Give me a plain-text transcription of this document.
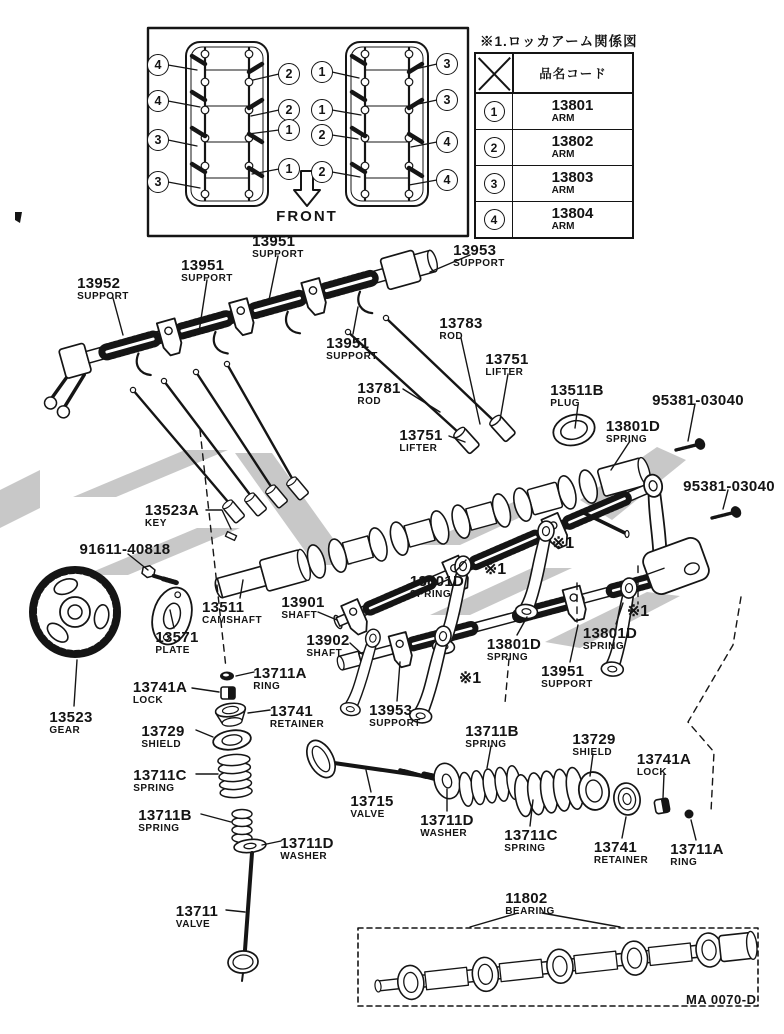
FRONT
※1.ロッカアーム関係図
品名コード
1	13801
ARM
2	13802
ARM
3	13803
ARM
4	13804
ARM
MA 0070-D
13952
SUPPORT
13951
SUPPORT
13951
SUPPORT	13953
SUPPORT
13951
SUPPORT
13783
ROD
13751
LIFTER
13781
ROD
13751
LIFTER
13511B
PLUG	95381-03040
13801D
SPRING
95381-03040
13523A
KEY
91611-40818
13511
CAMSHAFT
13901
SHAFT
13902
SHAFT
13571
PLATE
13523
GEAR
13741A
LOCK
13711A
RING
13741
RETAINER
13729
SHIELD
13711C
SPRING
13711B
SPRING
13711D
WASHER
13711
VALVE
13715
VALVE	13711D
WASHER
13711B
SPRING
13711C
SPRING
13729
SHIELD
13741
RETAINER
13741A
LOCK
13711A
RING
13801D
SPRING
13801D
SPRING
13801D
SPRING
13951
SUPPORT
13953
SUPPORT
11802
BEARING
※1
※1
※1
※1
4
4
3
3
2
2
1
1
1
1
2
2
3
3
4
4
